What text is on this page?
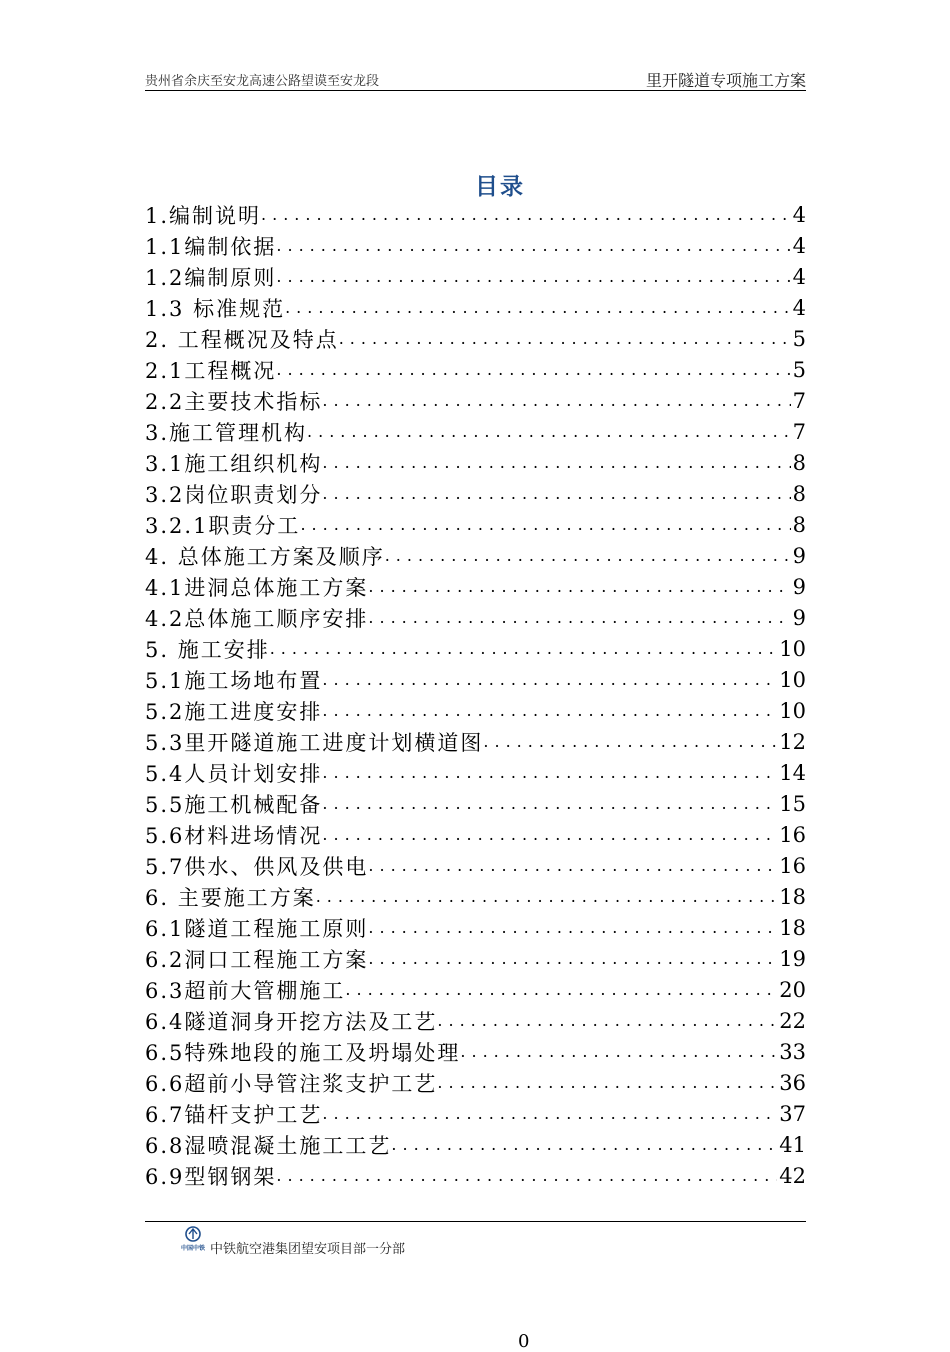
贵州省余庆至安龙高速公路望谟至安龙段	里开隧道专项施工方案
目录
1.编制说明 .....	4
1.1编制依据 .....	4
1.2编制原则 .....	4
1.3 标准规范 .....	4
2. 工程概况及特点 .....	5
2.1工程概况 .....	5
2.2主要技术指标 .....	7
3.施工管理机构 .....	7
3.1施工组织机构 .....	8
3.2岗位职责划分 .....	8
3.2.1职责分工 .....	8
4. 总体施工方案及顺序 .....	9
4.1进洞总体施工方案 .....	9
4.2总体施工顺序安排 .....	9
5. 施工安排 .....	10
5.1施工场地布置 .....	10
5.2施工进度安排 .....	10
5.3里开隧道施工进度计划横道图 .....	12
5.4人员计划安排 .....	14
5.5施工机械配备 .....	15
5.6材料进场情况 .....	16
5.7供水、供风及供电 .....	16
6. 主要施工方案 .....	18
6.1隧道工程施工原则 .....	18
6.2洞口工程施工方案 .....	19
6.3超前大管棚施工 .....	20
6.4隧道洞身开挖方法及工艺 .....	22
6.5特殊地段的施工及坍塌处理 .....	33
6.6超前小导管注浆支护工艺 .....	36
6.7锚杆支护工艺 .....	37
6.8湿喷混凝土施工工艺 .....	41
6.9型钢钢架 .....	42
中国中铁 中铁航空港集团望安项目部一分部
0
